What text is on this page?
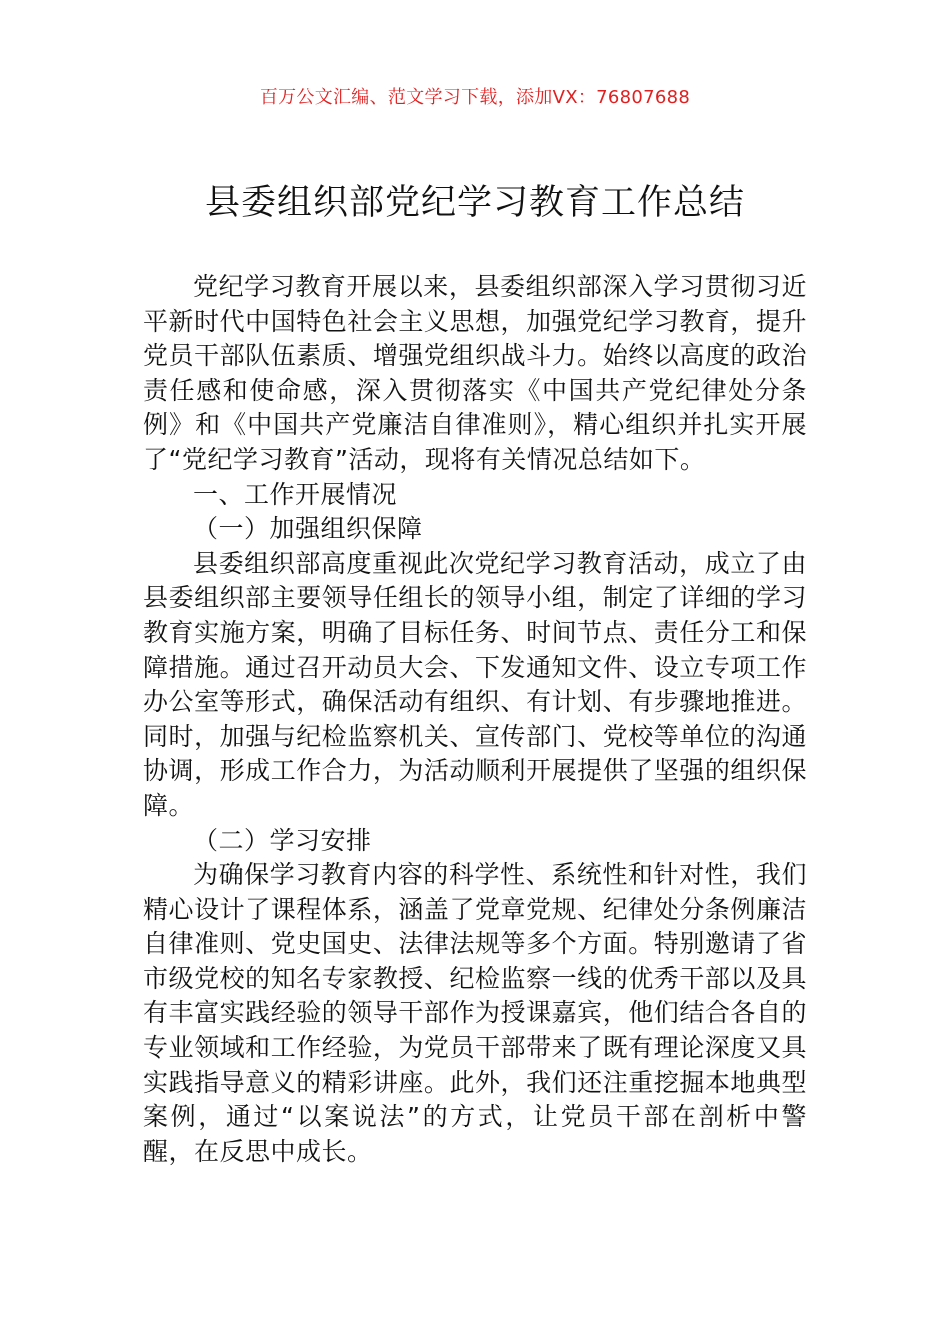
百万公文汇编、范文学习下载，添加VX：76807688
县委组织部党纪学习教育工作总结

党纪学习教育开展以来，县委组织部深入学习贯彻习近平新时代中国特色社会主义思想，加强党纪学习教育，提升党员干部队伍素质、增强党组织战斗力。始终以高度的政治责任感和使命感，深入贯彻落实《中国共产党纪律处分条例》和《中国共产党廉洁自律准则》，精心组织并扎实开展了“党纪学习教育”活动，现将有关情况总结如下。

一、工作开展情况

（一）加强组织保障

县委组织部高度重视此次党纪学习教育活动，成立了由县委组织部主要领导任组长的领导小组，制定了详细的学习教育实施方案，明确了目标任务、时间节点、责任分工和保障措施。通过召开动员大会、下发通知文件、设立专项工作办公室等形式，确保活动有组织、有计划、有步骤地推进。同时，加强与纪检监察机关、宣传部门、党校等单位的沟通协调，形成工作合力，为活动顺利开展提供了坚强的组织保障。

（二）学习安排

为确保学习教育内容的科学性、系统性和针对性，我们精心设计了课程体系，涵盖了党章党规、纪律处分条例廉洁自律准则、党史国史、法律法规等多个方面。特别邀请了省市级党校的知名专家教授、纪检监察一线的优秀干部以及具有丰富实践经验的领导干部作为授课嘉宾，他们结合各自的专业领域和工作经验，为党员干部带来了既有理论深度又具实践指导意义的精彩讲座。此外，我们还注重挖掘本地典型案例，通过“以案说法”的方式，让党员干部在剖析中警醒，在反思中成长。
